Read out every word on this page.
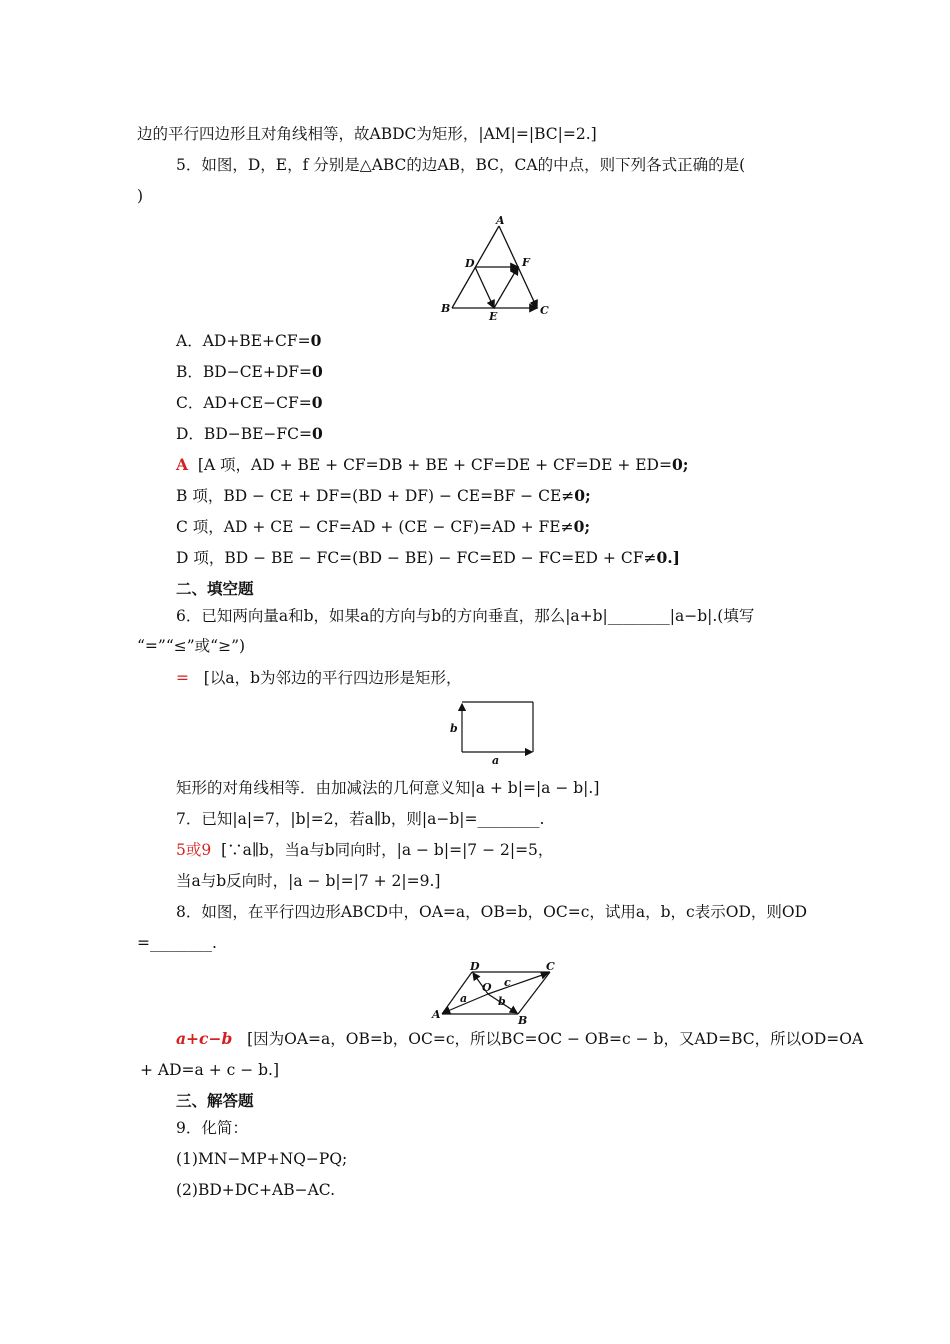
边的平行四边形且对角线相等，故ABDC为矩形，|AM|=|BC|=2.]
5．如图，D，E，f 分别是△ABC的边AB，BC，CA的中点，则下列各式正确的是(
)
A
D	F
B
E	C
A．AD+BE+CF=0
B．BD−CE+DF=0
C．AD+CE−CF=0
D．BD−BE−FC=0
A [A 项，AD + BE + CF=DB + BE + CF=DE + CF=DE + ED=0;
B 项，BD − CE + DF=(BD + DF) − CE=BF − CE≠0;
C 项，AD + CE − CF=AD + (CE − CF)=AD + FE≠0;
D 项，BD − BE − FC=(BD − BE) − FC=ED − FC=ED + CF≠0.]
二、填空题
6．已知两向量a和b，如果a的方向与b的方向垂直，那么|a+b|________|a−b|.(填写
“=”“≤”或“≥”)
= [以a，b为邻边的平行四边形是矩形，
b
a
矩形的对角线相等．由加减法的几何意义知|a + b|=|a − b|.]
7．已知|a|=7，|b|=2，若a∥b，则|a−b|=________.
5或9 [∵a∥b，当a与b同向时，|a − b|=|7 − 2|=5，
当a与b反向时，|a − b|=|7 + 2|=9.]
8．如图，在平行四边形ABCD中，OA=a，OB=b，OC=c，试用a，b，c表示OD，则OD
=________.
D	C
A	B
O c
a	b
a+c−b [因为OA=a，OB=b，OC=c，所以BC=OC − OB=c − b，又AD=BC，所以OD=OA
+ AD=a + c − b.]
三、解答题
9．化简：
(1)MN−MP+NQ−PQ;
(2)BD+DC+AB−AC.
